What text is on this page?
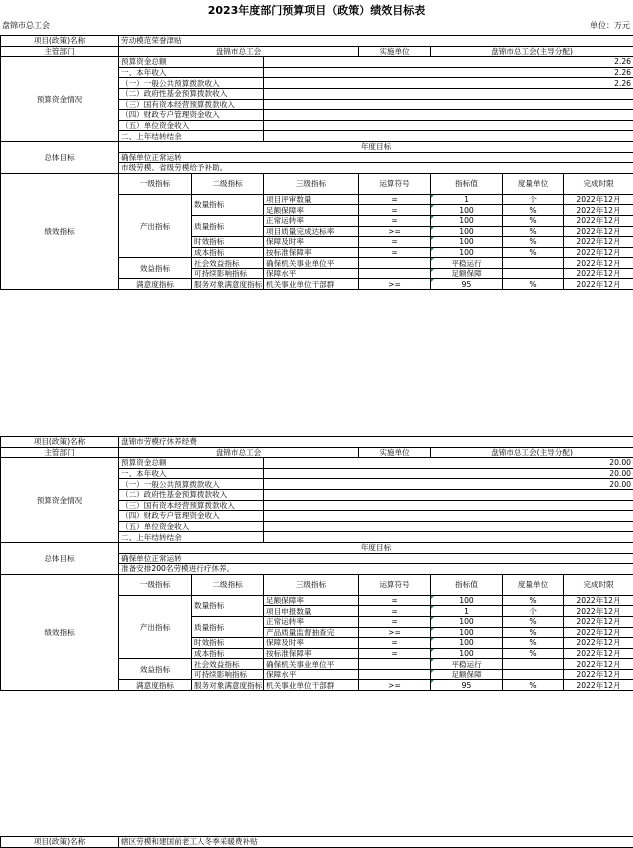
2023年度部门预算项目（政策）绩效目标表
盘锦市总工会	单位：万元
项目(政策)名称	劳动模范荣誉津贴						
主管部门	盘锦市总工会			实施单位	盘锦市总工会(主导分配)		
预算资金情况	预算资金总额		2.26				
	一、本年收入		2.26				
	（一）一般公共预算拨款收入		2.26				
	（二）政府性基金预算拨款收入						
	（三）国有资本经营预算拨款收入						
	（四）财政专户管理资金收入						
	（五）单位资金收入						
	二、上年结转结余						
总体目标	年度目标						
	确保单位正常运转						
	市级劳模、省级劳模给予补助。						
绩效指标	一级指标	二级指标	三级指标	运算符号	指标值	度量单位	完成时限
	产出指标	数量指标	项目评审数量	=	1	个	2022年12月
			足额保障率	=	100	%	2022年12月
		质量指标	正常运转率	=	100	%	2022年12月
			项目质量完成达标率	>=	100	%	2022年12月
		时效指标	保障及时率	=	100	%	2022年12月
		成本指标	按标准保障率	=	100	%	2022年12月
	效益指标	社会效益指标	确保机关事业单位平		平稳运行		2022年12月
		可持续影响指标	保障水平		足额保障		2022年12月
	满意度指标	服务对象满意度指标	机关事业单位干部群	>=	95	%	2022年12月
项目(政策)名称	盘锦市劳模疗休养经费						
主管部门	盘锦市总工会			实施单位	盘锦市总工会(主导分配)		
预算资金情况	预算资金总额		20.00				
	一、本年收入		20.00				
	（一）一般公共预算拨款收入		20.00				
	（二）政府性基金预算拨款收入						
	（三）国有资本经营预算拨款收入						
	（四）财政专户管理资金收入						
	（五）单位资金收入						
	二、上年结转结余						
总体目标	年度目标						
	确保单位正常运转						
	准备安排200名劳模进行疗休养。						
绩效指标	一级指标	二级指标	三级指标	运算符号	指标值	度量单位	完成时限
	产出指标	数量指标	足额保障率	=	100	%	2022年12月
			项目申报数量	=	1	个	2022年12月
		质量指标	正常运转率	=	100	%	2022年12月
			产品质量监督抽查完	>=	100	%	2022年12月
		时效指标	保障及时率	=	100	%	2022年12月
		成本指标	按标准保障率	=	100	%	2022年12月
	效益指标	社会效益指标	确保机关事业单位平		平稳运行		2022年12月
		可持续影响指标	保障水平		足额保障		2022年12月
	满意度指标	服务对象满意度指标	机关事业单位干部群	>=	95	%	2022年12月
项目(政策)名称	辖区劳模和建国前老工人冬季采暖费补贴
